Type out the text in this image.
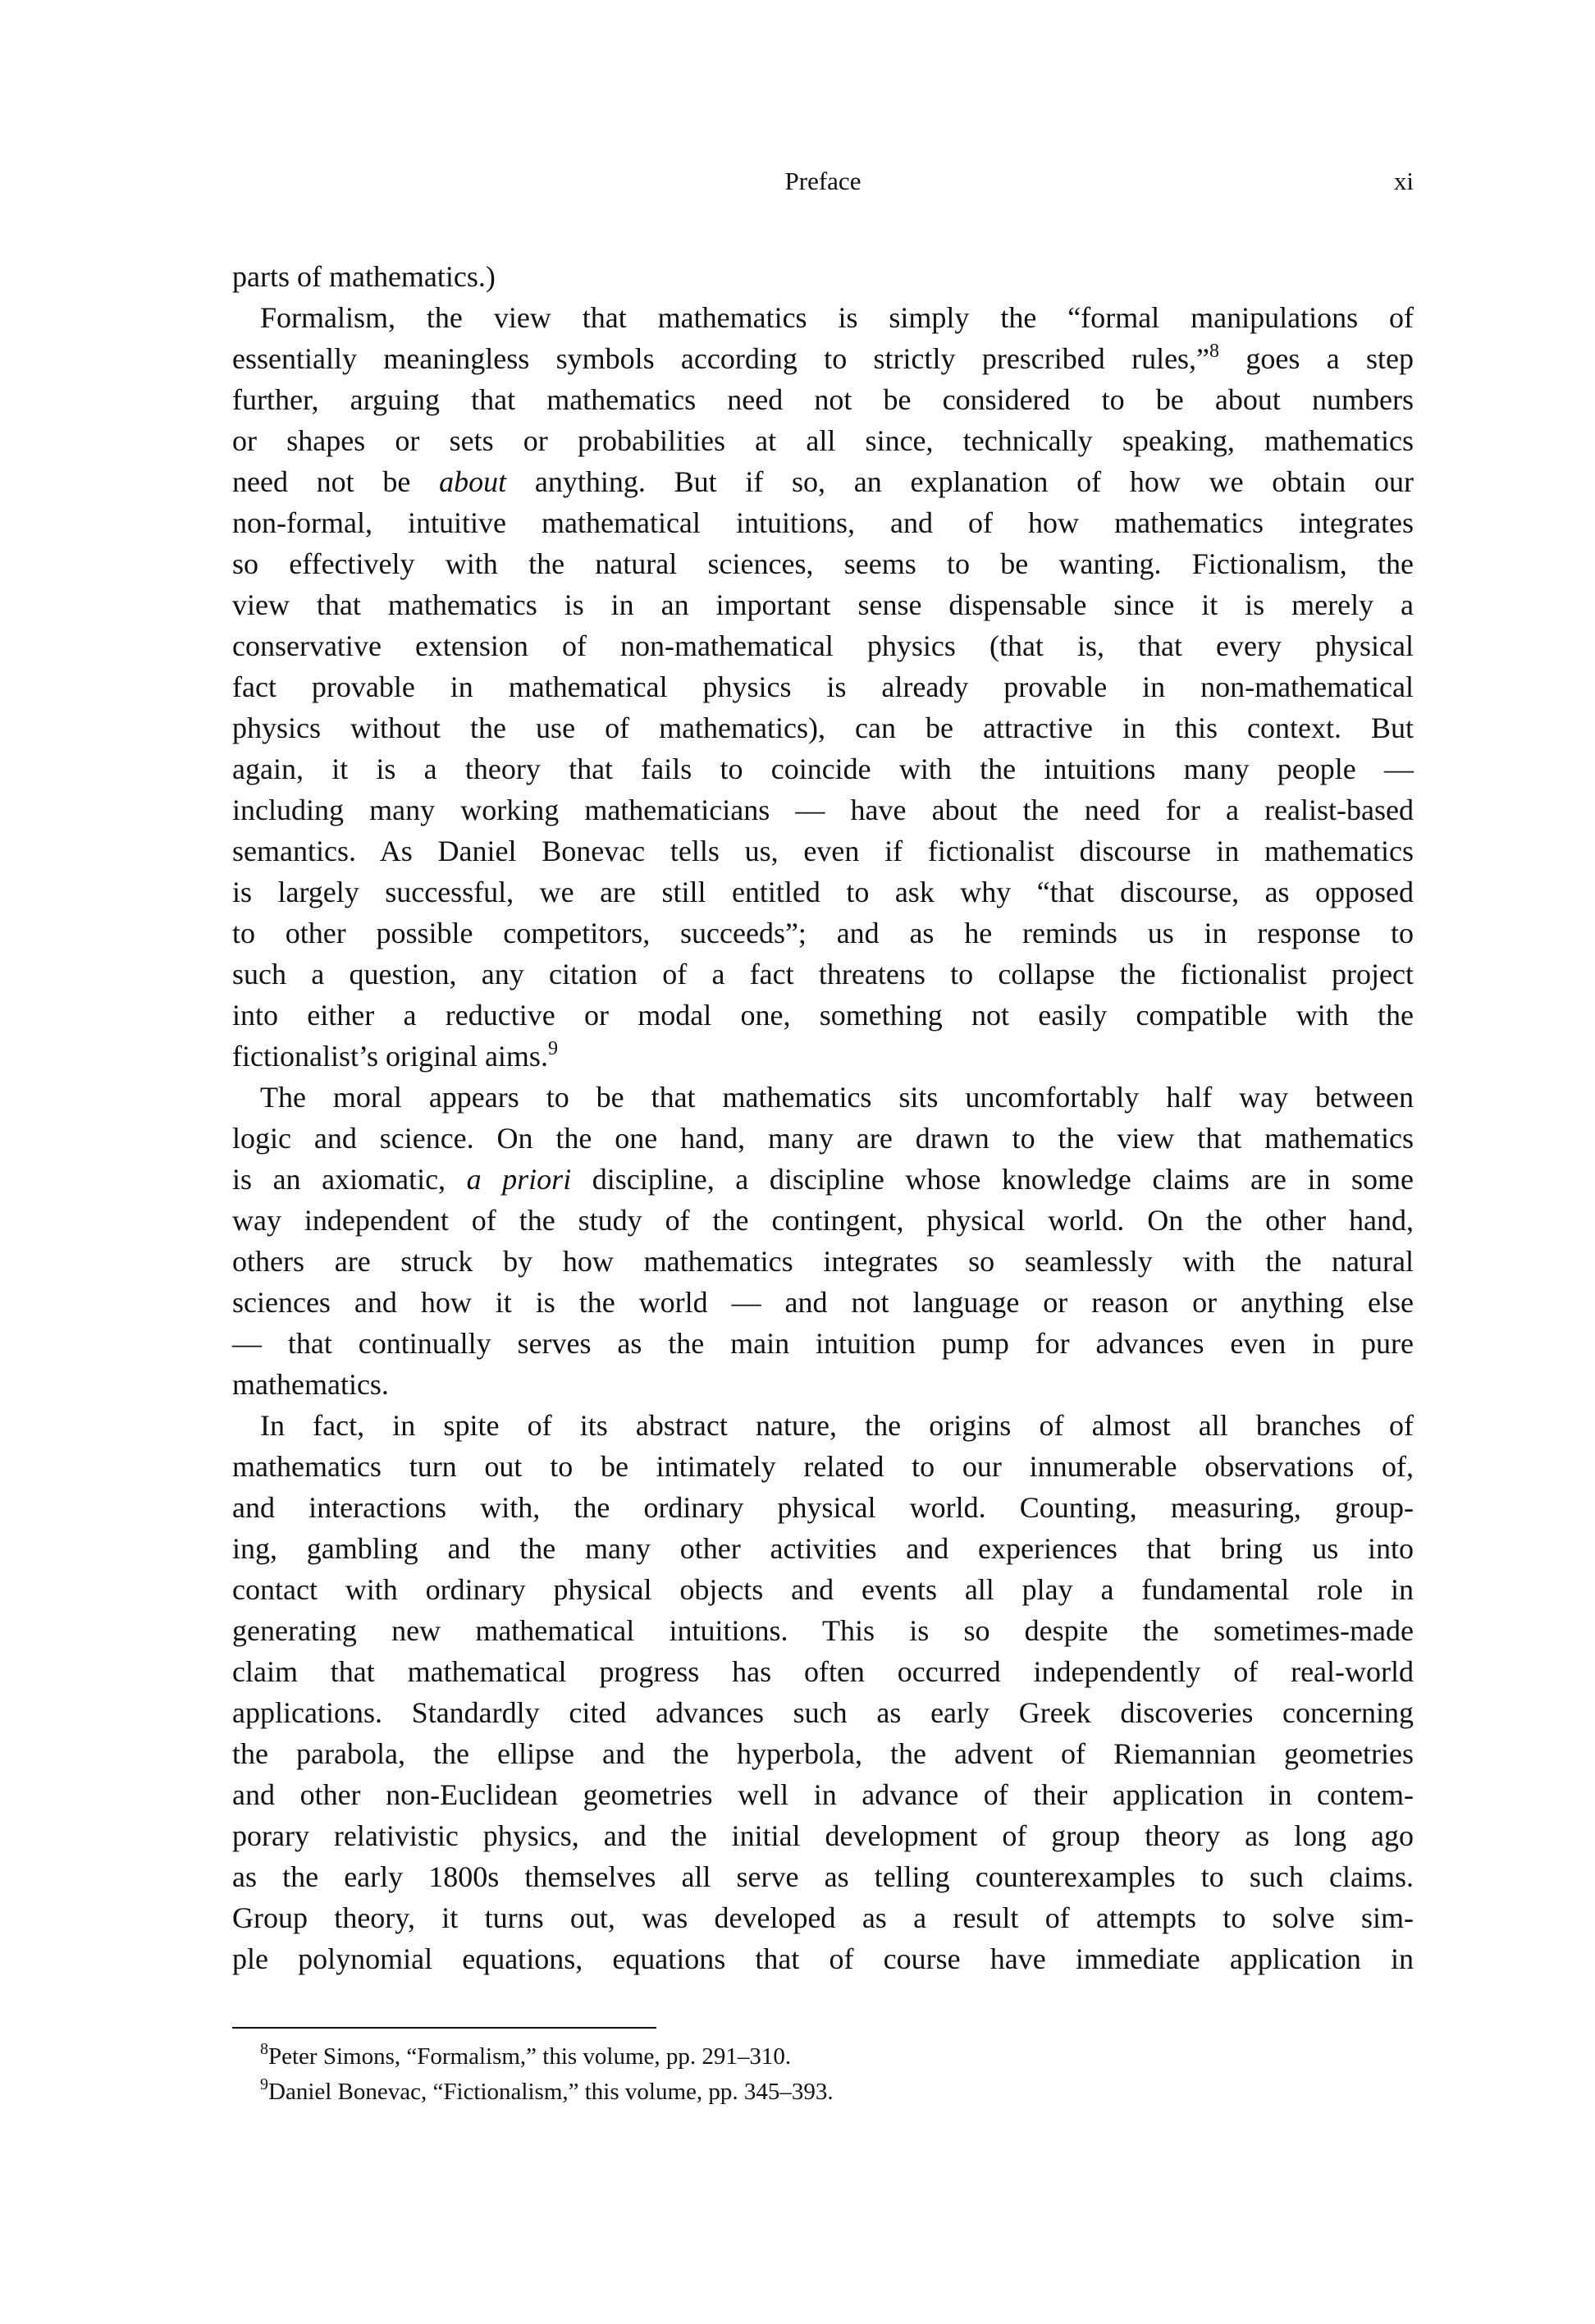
Preface	xi
parts of mathematics.)
Formalism, the view that mathematics is simply the “formal manipulations of
essentially meaningless symbols according to strictly prescribed rules,”$^8$ goes a step
further, arguing that mathematics need not be considered to be about numbers
or shapes or sets or probabilities at all since, technically speaking, mathematics
need not be about anything. But if so, an explanation of how we obtain our
non-formal, intuitive mathematical intuitions, and of how mathematics integrates
so effectively with the natural sciences, seems to be wanting. Fictionalism, the
view that mathematics is in an important sense dispensable since it is merely a
conservative extension of non-mathematical physics (that is, that every physical
fact provable in mathematical physics is already provable in non-mathematical
physics without the use of mathematics), can be attractive in this context. But
again, it is a theory that fails to coincide with the intuitions many people —
including many working mathematicians — have about the need for a realist-based
semantics. As Daniel Bonevac tells us, even if fictionalist discourse in mathematics
is largely successful, we are still entitled to ask why “that discourse, as opposed
to other possible competitors, succeeds”; and as he reminds us in response to
such a question, any citation of a fact threatens to collapse the fictionalist project
into either a reductive or modal one, something not easily compatible with the
fictionalist’s original aims.$^9$
The moral appears to be that mathematics sits uncomfortably half way between
logic and science. On the one hand, many are drawn to the view that mathematics
is an axiomatic, a priori discipline, a discipline whose knowledge claims are in some
way independent of the study of the contingent, physical world. On the other hand,
others are struck by how mathematics integrates so seamlessly with the natural
sciences and how it is the world — and not language or reason or anything else
— that continually serves as the main intuition pump for advances even in pure
mathematics.
In fact, in spite of its abstract nature, the origins of almost all branches of
mathematics turn out to be intimately related to our innumerable observations of,
and interactions with, the ordinary physical world. Counting, measuring, group-
ing, gambling and the many other activities and experiences that bring us into
contact with ordinary physical objects and events all play a fundamental role in
generating new mathematical intuitions. This is so despite the sometimes-made
claim that mathematical progress has often occurred independently of real-world
applications. Standardly cited advances such as early Greek discoveries concerning
the parabola, the ellipse and the hyperbola, the advent of Riemannian geometries
and other non-Euclidean geometries well in advance of their application in contem-
porary relativistic physics, and the initial development of group theory as long ago
as the early 1800s themselves all serve as telling counterexamples to such claims.
Group theory, it turns out, was developed as a result of attempts to solve sim-
ple polynomial equations, equations that of course have immediate application in
$^8$Peter Simons, “Formalism,” this volume, pp. 291–310.
$^9$Daniel Bonevac, “Fictionalism,” this volume, pp. 345–393.
